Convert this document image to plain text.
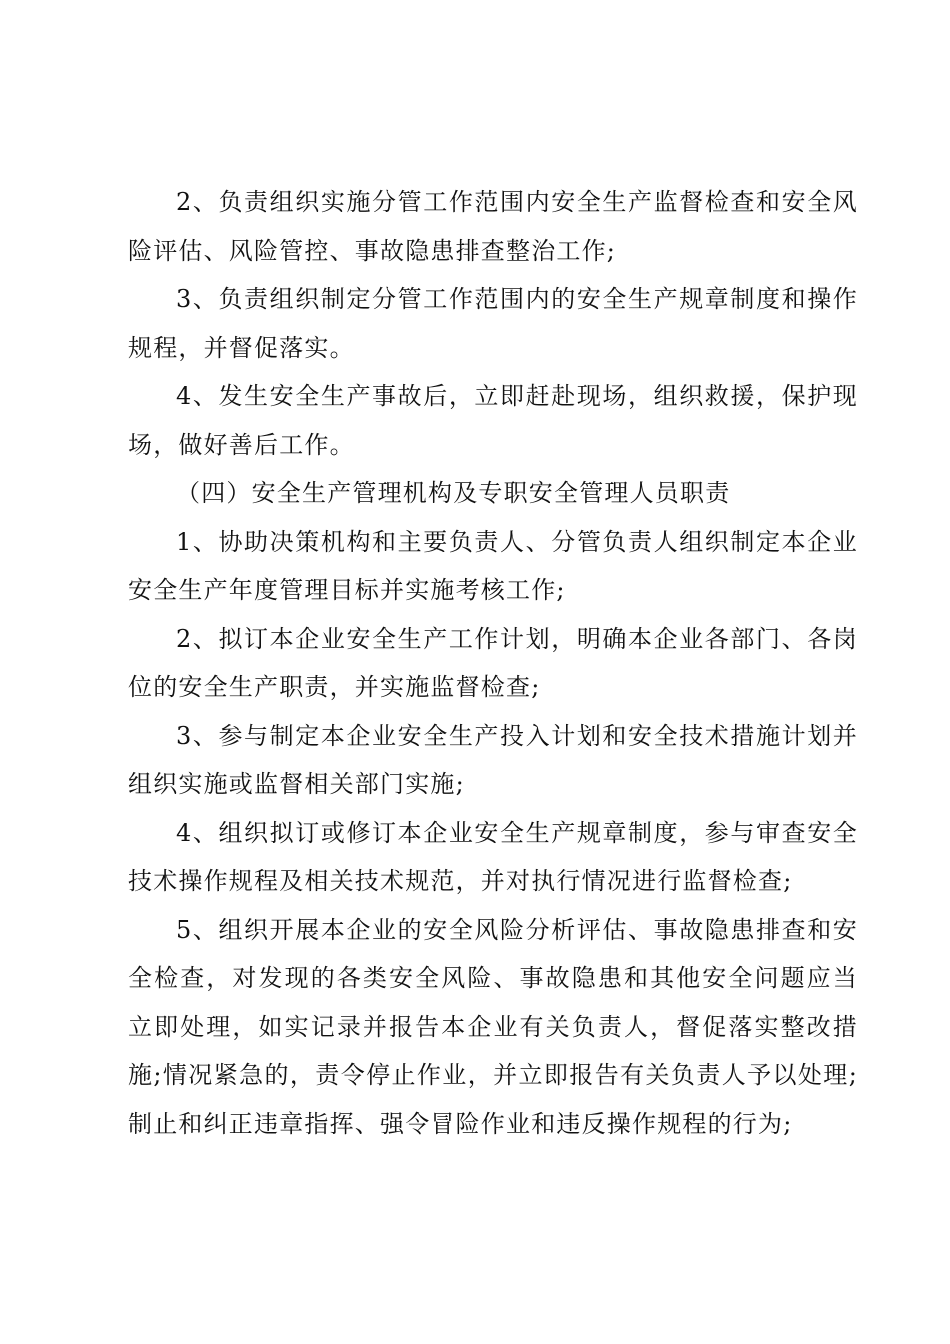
2、负责组织实施分管工作范围内安全生产监督检查和安全风险评估、风险管控、事故隐患排查整治工作;

3、负责组织制定分管工作范围内的安全生产规章制度和操作规程，并督促落实。

4、发生安全生产事故后，立即赶赴现场，组织救援，保护现场，做好善后工作。

（四）安全生产管理机构及专职安全管理人员职责

1、协助决策机构和主要负责人、分管负责人组织制定本企业安全生产年度管理目标并实施考核工作;

2、拟订本企业安全生产工作计划，明确本企业各部门、各岗位的安全生产职责，并实施监督检查;

3、参与制定本企业安全生产投入计划和安全技术措施计划并组织实施或监督相关部门实施;

4、组织拟订或修订本企业安全生产规章制度，参与审查安全技术操作规程及相关技术规范，并对执行情况进行监督检查;

5、组织开展本企业的安全风险分析评估、事故隐患排查和安全检查，对发现的各类安全风险、事故隐患和其他安全问题应当立即处理，如实记录并报告本企业有关负责人，督促落实整改措施;情况紧急的，责令停止作业，并立即报告有关负责人予以处理; 制止和纠正违章指挥、强令冒险作业和违反操作规程的行为;
